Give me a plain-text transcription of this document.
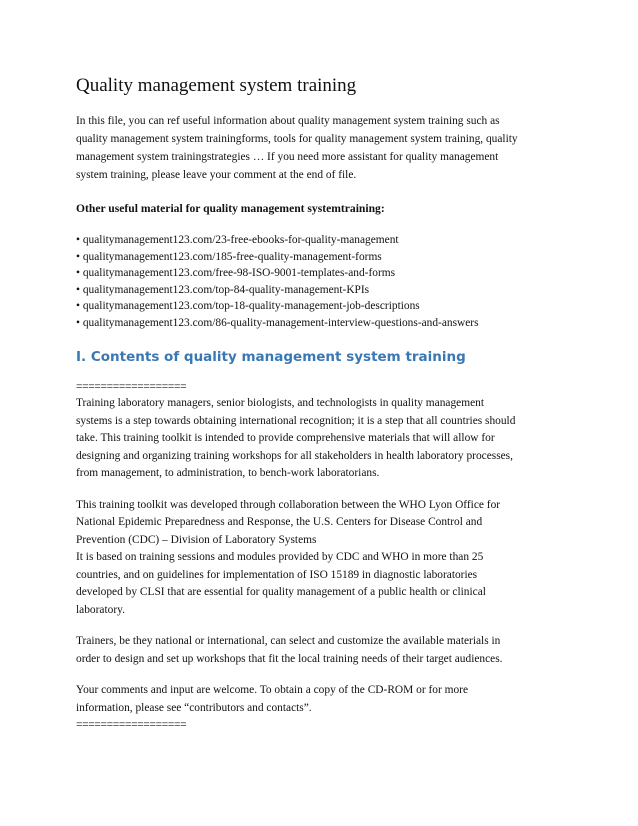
Quality management system training

In this file, you can ref useful information about quality management system training such as
quality management system trainingforms, tools for quality management system training, quality
management system trainingstrategies … If you need more assistant for quality management
system training, please leave your comment at the end of file.

Other useful material for quality management systemtraining:
• qualitymanagement123.com/23-free-ebooks-for-quality-management
• qualitymanagement123.com/185-free-quality-management-forms
• qualitymanagement123.com/free-98-ISO-9001-templates-and-forms
• qualitymanagement123.com/top-84-quality-management-KPIs
• qualitymanagement123.com/top-18-quality-management-job-descriptions
• qualitymanagement123.com/86-quality-management-interview-questions-and-answers
I. Contents of quality management system training

==================

Training laboratory managers, senior biologists, and technologists in quality management
systems is a step towards obtaining international recognition; it is a step that all countries should
take. This training toolkit is intended to provide comprehensive materials that will allow for
designing and organizing training workshops for all stakeholders in health laboratory processes,
from management, to administration, to bench-work laboratorians.

This training toolkit was developed through collaboration between the WHO Lyon Office for
National Epidemic Preparedness and Response, the U.S. Centers for Disease Control and
Prevention (CDC) – Division of Laboratory Systems
It is based on training sessions and modules provided by CDC and WHO in more than 25
countries, and on guidelines for implementation of ISO 15189 in diagnostic laboratories
developed by CLSI that are essential for quality management of a public health or clinical
laboratory.

Trainers, be they national or international, can select and customize the available materials in
order to design and set up workshops that fit the local training needs of their target audiences.

Your comments and input are welcome. To obtain a copy of the CD-ROM or for more
information, please see “contributors and contacts”.

==================
